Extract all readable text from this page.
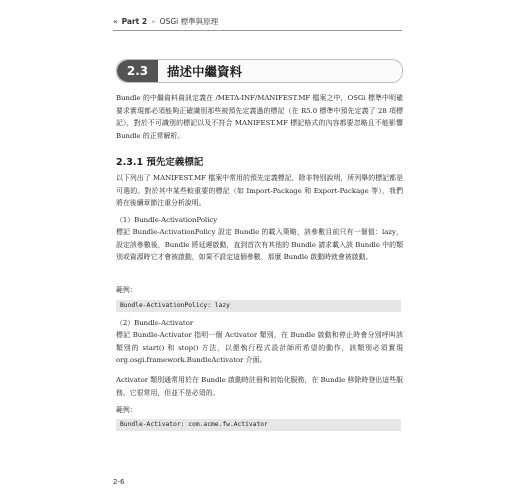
« Part 2 » OSGi 標準與原理
2.3	描述中繼資料

Bundle 的中繼資料資訊定義在 /META-INF/MANIFEST.MF 檔案之中，OSGi 標準中明確要求實現都必須能夠正確識別那些被預先定義過的標記（在 R5.0 標準中預先定義了 28 項標記），對於不可識別的標記以及不符合 MANIFEST.MF 標記格式的內容都要忽略且不能影響 Bundle 的正常解析。

2.3.1 預先定義標記

以下列出了 MANIFEST.MF 檔案中常用的預先定義標記，除非特別說明，所列舉的標記都是可選的。對於其中某些較重要的標記（如 Import-Package 和 Export-Package 等），我們將在後續章節注重分析說明。

（1）Bundle-ActivationPolicy

標記 Bundle-ActivationPolicy 設定 Bundle 的載入策略，該參數目前只有一個值：lazy，設定該參數後，Bundle 將延遲啟動，直到首次有其他的 Bundle 請求載入該 Bundle 中的類別或資源時它才會被啟動，如果不設定這個參數，那麼 Bundle 啟動時就會被啟動。

範例：

Bundle-ActivationPolicy: lazy

（2）Bundle-Activator

標記 Bundle-Activator 指明一個 Activator 類別，在 Bundle 啟動和停止時會分別呼叫該類別的 start() 和 stop() 方法，以便執行程式設計師所希望的動作，該類別必須實現 org.osgi.framework.BundleActivator 介面。

Activator 類別通常用於在 Bundle 啟動時註冊和初始化服務，在 Bundle 移除時登出這些服務。它很常用，但並不是必須的。

範例：

Bundle-Activator: com.acme.fw.Activator
2-6
